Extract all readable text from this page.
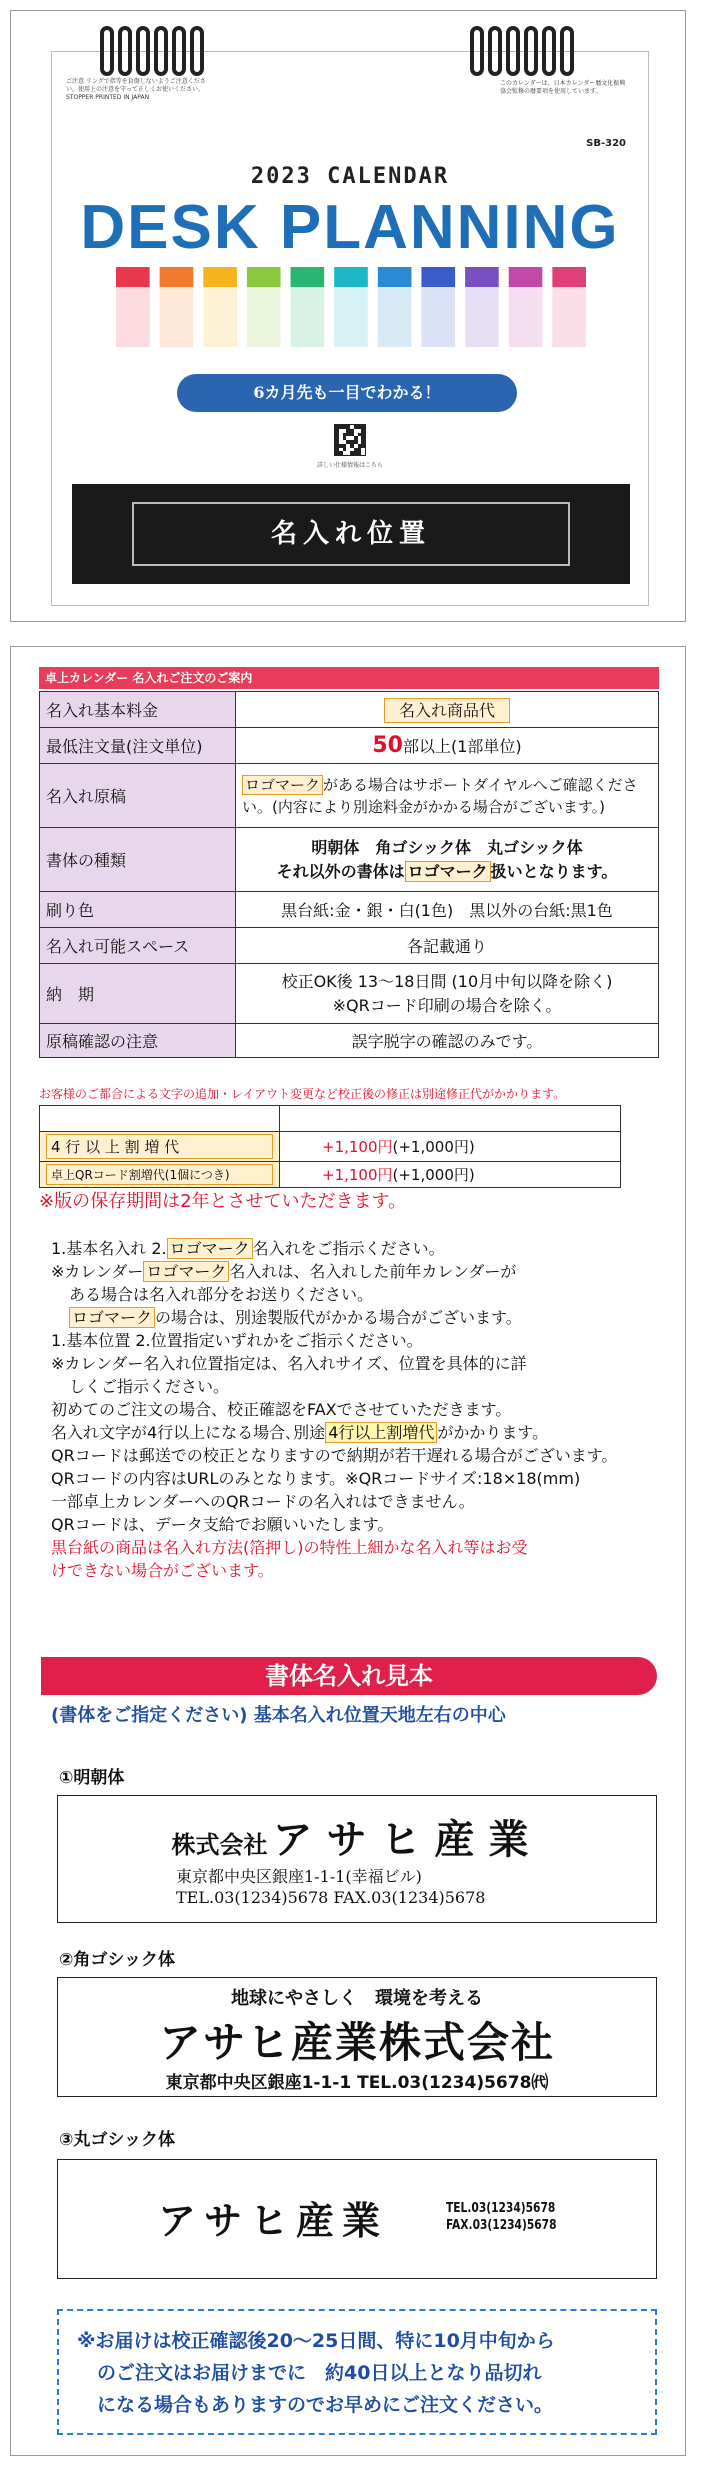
ご注意 リングで指等を負傷しないようご注意ください。使用上の注意を守って正しくお使いください。 STOPPER PRINTED IN JAPAN
このカレンダーは、日本カレンダー暦文化振興協会監修の暦要項を使用しています。
SB-320
2023 CALENDAR
DESK PLANNING
6カ月先も一目でわかる！
詳しい仕様情報はこちら
名入れ位置
卓上カレンダー 名入れご注文のご案内
名入れ基本料金	名入れ商品代
最低注文量(注文単位)	50部以上(1部単位)
名入れ原稿	ロゴマーク がある場合はサポートダイヤルへご確認ください。(内容により別途料金がかかる場合がございます。)
書体の種類	明朝体　角ゴシック体　丸ゴシック体
それ以外の書体は ロゴマーク 扱いとなります。

刷り色	黒台紙:金・銀・白(1色)　黒以外の台紙:黒1色
名入れ可能スペース	各記載通り
納　期	校正OK後 13～18日間 (10月中旬以降を除く)
※QRコード印刷の場合を除く。

原稿確認の注意	誤字脱字の確認のみです。
お客様のご都合による文字の追加・レイアウト変更など校正後の修正は別途修正代がかかります。

4 行 以 上 割 増 代	+1,100円(+1,000円)

卓上QRコード割増代(1個につき)	+1,100円(+1,000円)
※版の保存期間は2年とさせていただきます。

1.基本名入れ 2. ロゴマーク 名入れをご指示ください。

※カレンダー ロゴマーク 名入れは、名入れした前年カレンダーが

ある場合は名入れ部分をお送りください。

ロゴマーク の場合は、別途製版代がかかる場合がございます。

1.基本位置 2.位置指定いずれかをご指示ください。

※カレンダー名入れ位置指定は、名入れサイズ、位置を具体的に詳

しくご指示ください。

初めてのご注文の場合、校正確認をFAXでさせていただきます。

名入れ文字が4行以上になる場合､別途 4行以上割増代 がかかります。

QRコードは郵送での校正となりますので納期が若干遅れる場合がございます。

QRコードの内容はURLのみとなります。※QRコードサイズ:18×18(mm)

一部卓上カレンダーへのQRコードの名入れはできません。

QRコードは、データ支給でお願いいたします。

黒台紙の商品は名入れ方法(箔押し)の特性上細かな名入れ等はお受

けできない場合がございます。

書体名入れ見本
(書体をご指定ください) 基本名入れ位置天地左右の中心
①明朝体
株式会社 アサヒ産業
東京都中央区銀座1-1-1(幸福ビル)
TEL.03(1234)5678 FAX.03(1234)5678
②角ゴシック体
地球にやさしく　環境を考える
アサヒ産業株式会社
東京都中央区銀座1-1-1 TEL.03(1234)5678㈹
③丸ゴシック体
アサヒ産業	TEL.03(1234)5678
FAX.03(1234)5678
※お届けは校正確認後20～25日間、特に10月中旬から
のご注文はお届けまでに　約40日以上となり品切れ
になる場合もありますのでお早めにご注文ください。
